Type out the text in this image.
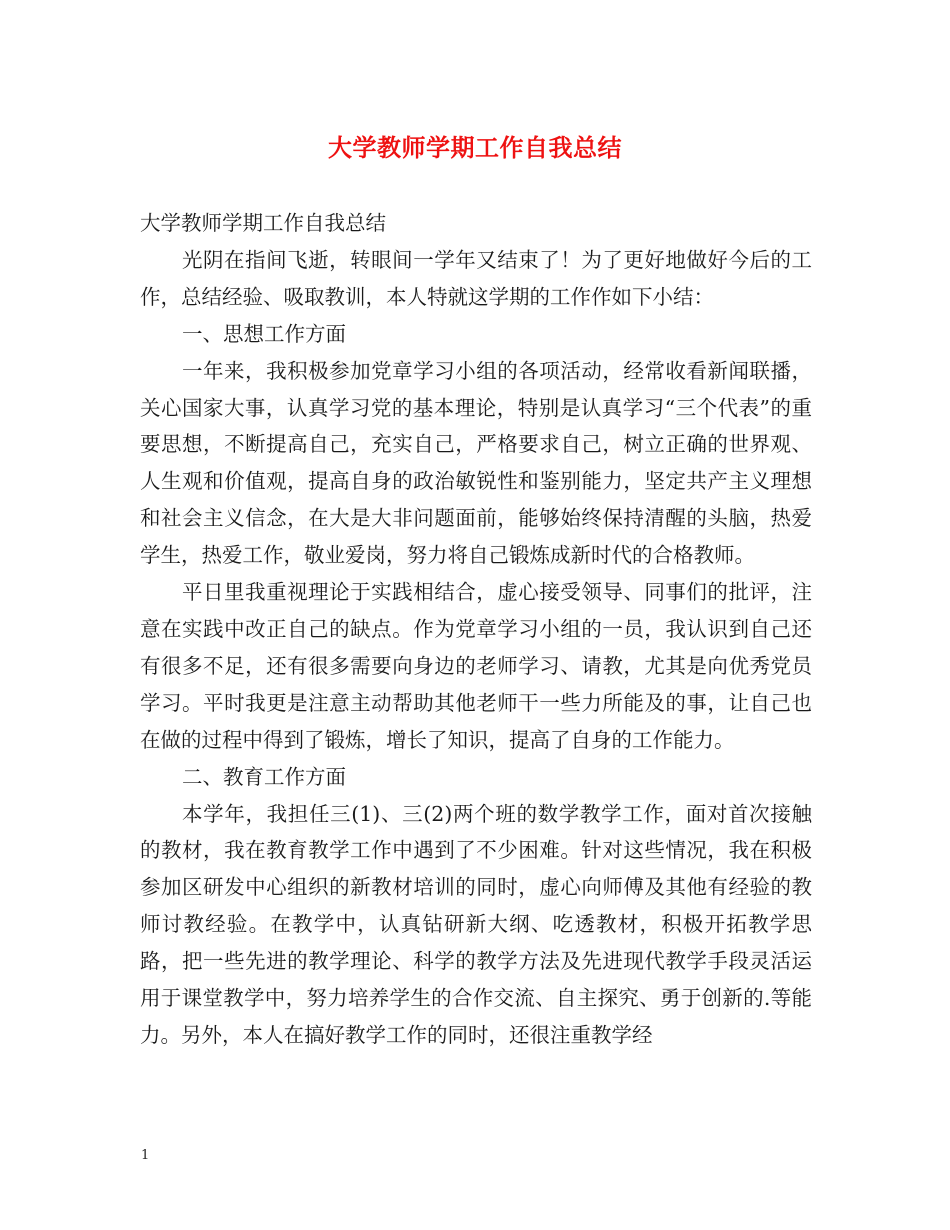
大学教师学期工作自我总结

大学教师学期工作自我总结

光阴在指间飞逝，转眼间一学年又结束了！为了更好地做好今后的工作，总结经验、吸取教训，本人特就这学期的工作作如下小结：

一、思想工作方面

一年来，我积极参加党章学习小组的各项活动，经常收看新闻联播，关心国家大事，认真学习党的基本理论，特别是认真学习“三个代表”的重要思想，不断提高自己，充实自己，严格要求自己，树立正确的世界观、人生观和价值观，提高自身的政治敏锐性和鉴别能力，坚定共产主义理想和社会主义信念，在大是大非问题面前，能够始终保持清醒的头脑，热爱学生，热爱工作，敬业爱岗，努力将自己锻炼成新时代的合格教师。

平日里我重视理论于实践相结合，虚心接受领导、同事们的批评，注意在实践中改正自己的缺点。作为党章学习小组的一员，我认识到自己还有很多不足，还有很多需要向身边的老师学习、请教，尤其是向优秀党员学习。平时我更是注意主动帮助其他老师干一些力所能及的事，让自己也在做的过程中得到了锻炼，增长了知识，提高了自身的工作能力。

二、教育工作方面

本学年，我担任三(1)、三(2)两个班的数学教学工作，面对首次接触的教材，我在教育教学工作中遇到了不少困难。针对这些情况，我在积极参加区研发中心组织的新教材培训的同时，虚心向师傅及其他有经验的教师讨教经验。在教学中，认真钻研新大纲、吃透教材，积极开拓教学思路，把一些先进的教学理论、科学的教学方法及先进现代教学手段灵活运用于课堂教学中，努力培养学生的合作交流、自主探究、勇于创新的.等能力。另外，本人在搞好教学工作的同时，还很注重教学经

1
